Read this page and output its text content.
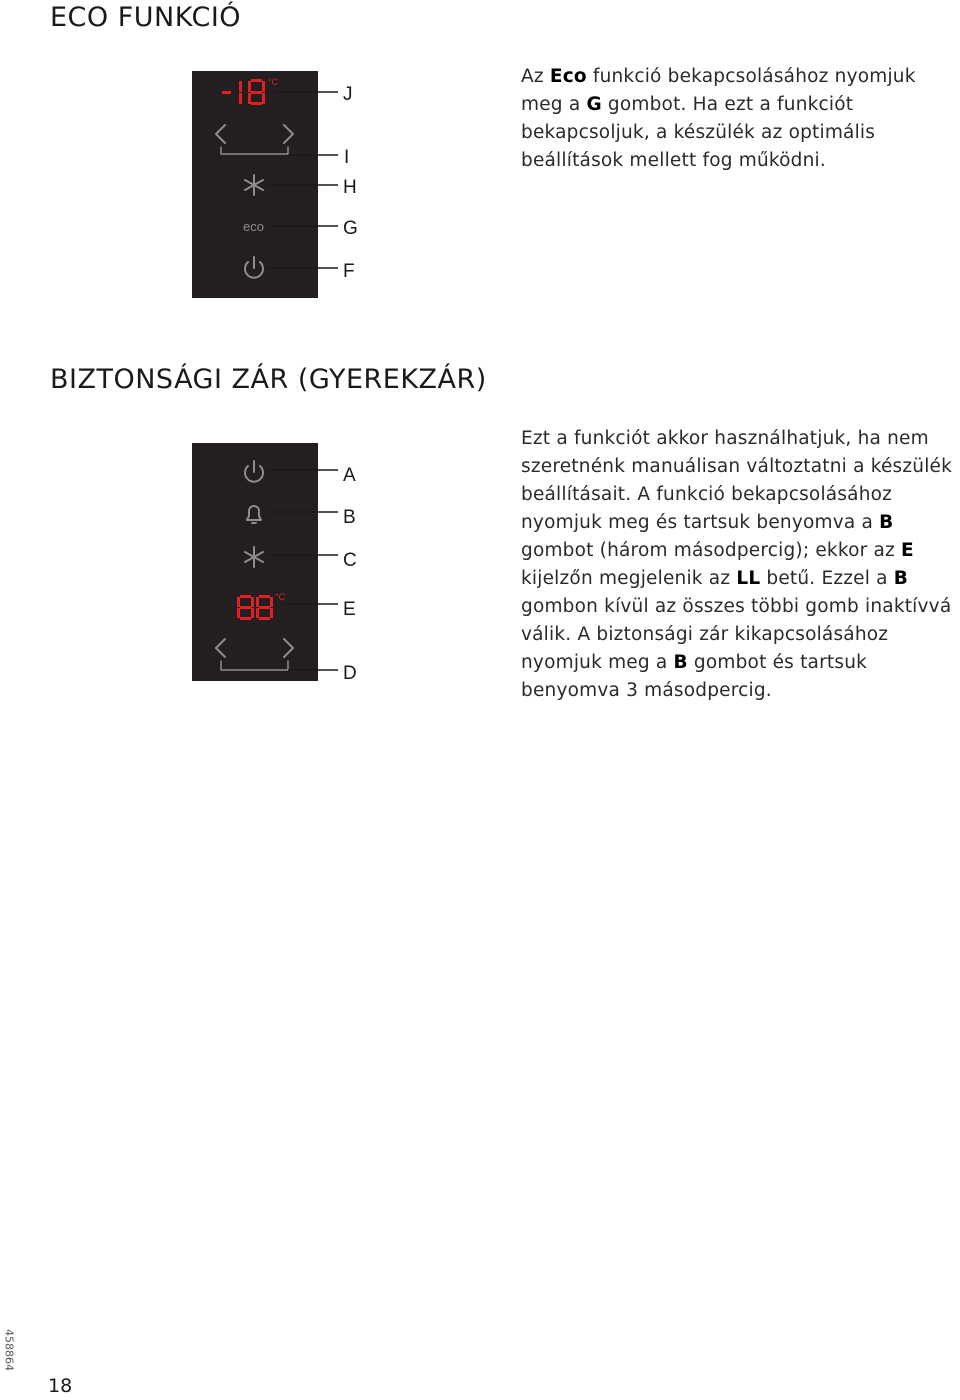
ECO FUNKCIÓ

Az Eco funkció bekapcsolásához nyomjuk meg a G gombot. Ha ezt a funkciót bekapcsoljuk, a készülék az optimális beállítások mellett fog működni.

BIZTONSÁGI ZÁR (GYEREKZÁR)

Ezt a funkciót akkor használhatjuk, ha nem szeretnénk manuálisan változtatni a készülék beállításait. A funkció bekapcsolásához nyomjuk meg és tartsuk benyomva a B gombot (három másodpercig); ekkor az E kijelzőn megjelenik az LL betű. Ezzel a B gombon kívül az összes többi gomb inaktívvá válik. A biztonsági zár kikapcsolásához nyomjuk meg a B gombot és tartsuk benyomva 3 másodpercig.

°C
eco
J
I
H
G
F
°C
A
B
C
E
D

18

458864
